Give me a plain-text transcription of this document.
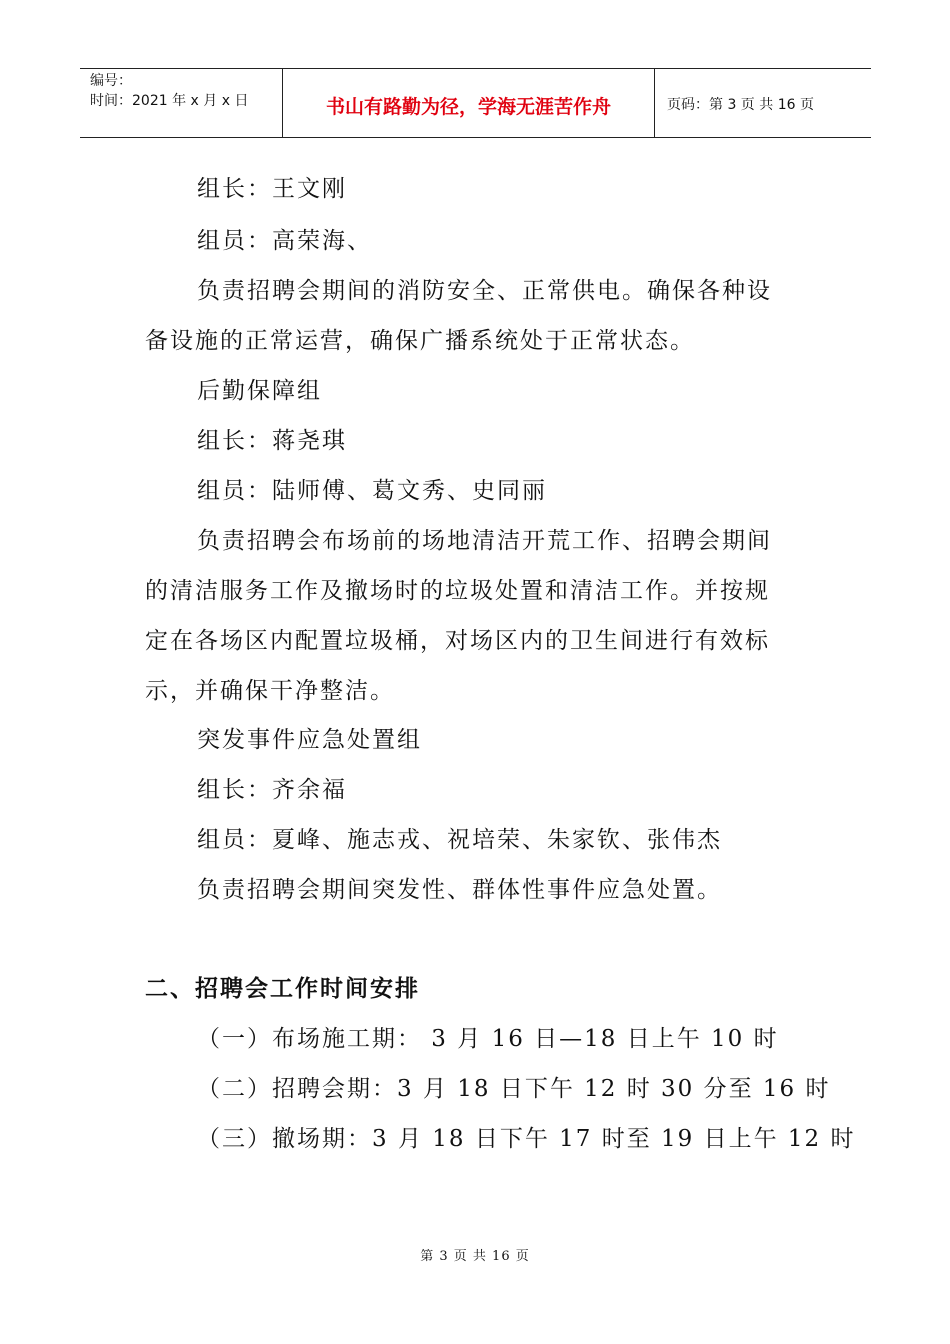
编号：
时间：2021 年 x 月 x 日	书山有路勤为径，学海无涯苦作舟	页码：第 3 页 共 16 页
组长：王文刚
组员：高荣海、
负责招聘会期间的消防安全、正常供电。确保各种设
备设施的正常运营，确保广播系统处于正常状态。
后勤保障组
组长：蒋尧琪
组员：陆师傅、葛文秀、史同丽
负责招聘会布场前的场地清洁开荒工作、招聘会期间
的清洁服务工作及撤场时的垃圾处置和清洁工作。并按规
定在各场区内配置垃圾桶，对场区内的卫生间进行有效标
示，并确保干净整洁。
突发事件应急处置组
组长：齐余福
组员：夏峰、施志戎、祝培荣、朱家钦、张伟杰
负责招聘会期间突发性、群体性事件应急处置。
二、招聘会工作时间安排
（一）布场施工期： 3 月 16 日—18 日上午 10 时
（二）招聘会期：3 月 18 日下午 12 时 30 分至 16 时
（三）撤场期：3 月 18 日下午 17 时至 19 日上午 12 时
第 3 页 共 16 页
